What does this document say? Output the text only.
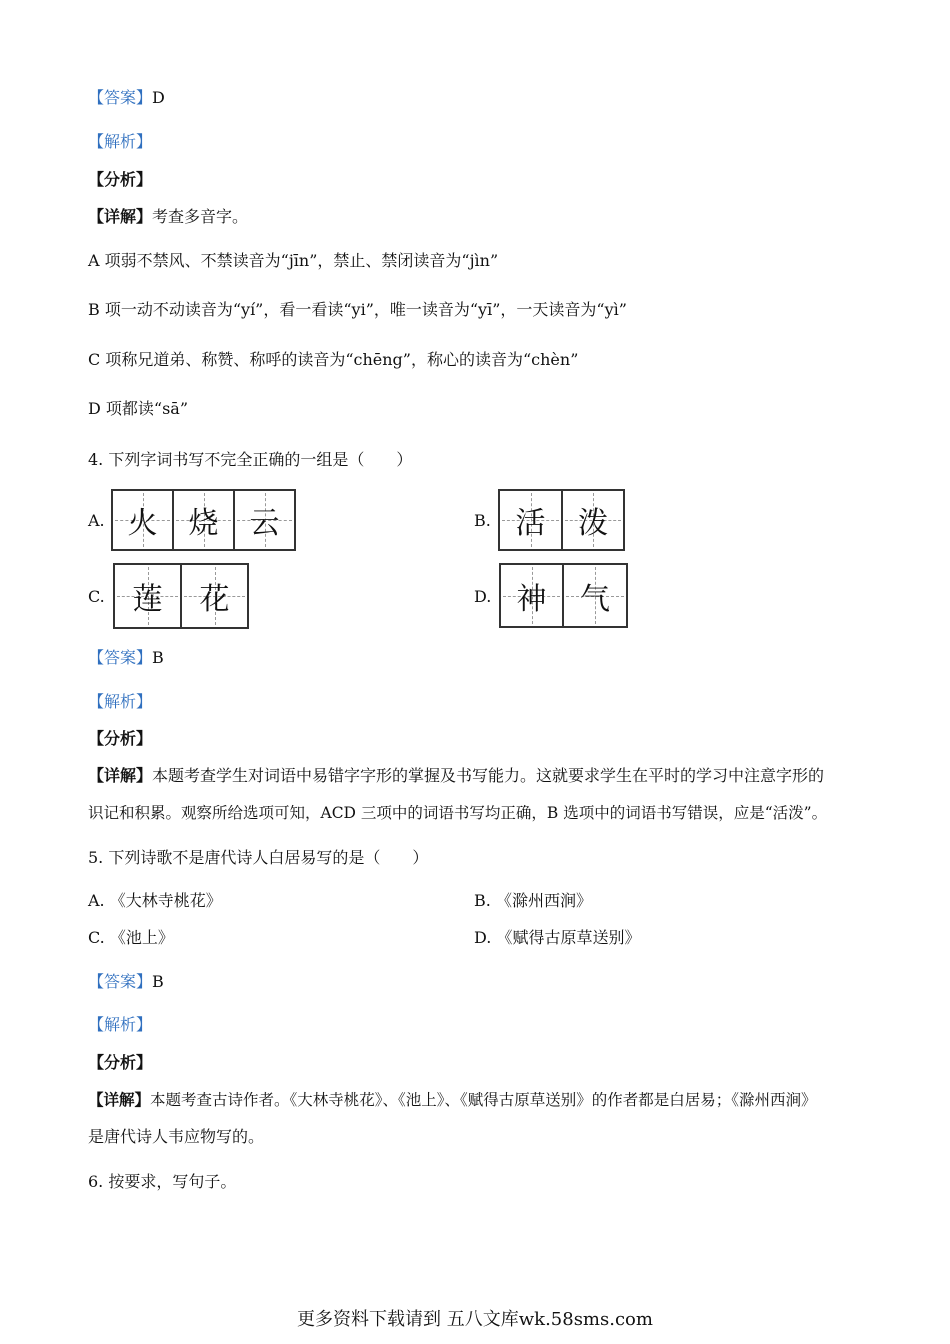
【答案】D
【解析】
【分析】
【详解】考查多音字。
A 项弱不禁风、不禁读音为“jīn”，禁止、禁闭读音为“jìn”
B 项一动不动读音为“yí”，看一看读“yi”，唯一读音为“yī”，一天读音为“yì”
C 项称兄道弟、称赞、称呼的读音为“chēng”，称心的读音为“chèn”
D 项都读“sā”
4. 下列字词书写不完全正确的一组是（　　）
A. 火 烧 云	B. 活 泼
C. 莲 花	D. 神 气
【答案】B
【解析】
【分析】
【详解】本题考查学生对词语中易错字字形的掌握及书写能力。这就要求学生在平时的学习中注意字形的
识记和积累。观察所给选项可知，ACD 三项中的词语书写均正确，B 选项中的词语书写错误，应是“活泼”。
5. 下列诗歌不是唐代诗人白居易写的是（　　）
A. 《大林寺桃花》	B. 《滁州西涧》
C. 《池上》	D. 《赋得古原草送别》
【答案】B
【解析】
【分析】
【详解】本题考查古诗作者。《大林寺桃花》、《池上》、《赋得古原草送别》的作者都是白居易；《滁州西涧》
是唐代诗人韦应物写的。
6. 按要求，写句子。
更多资料下载请到 五八文库wk.58sms.com
